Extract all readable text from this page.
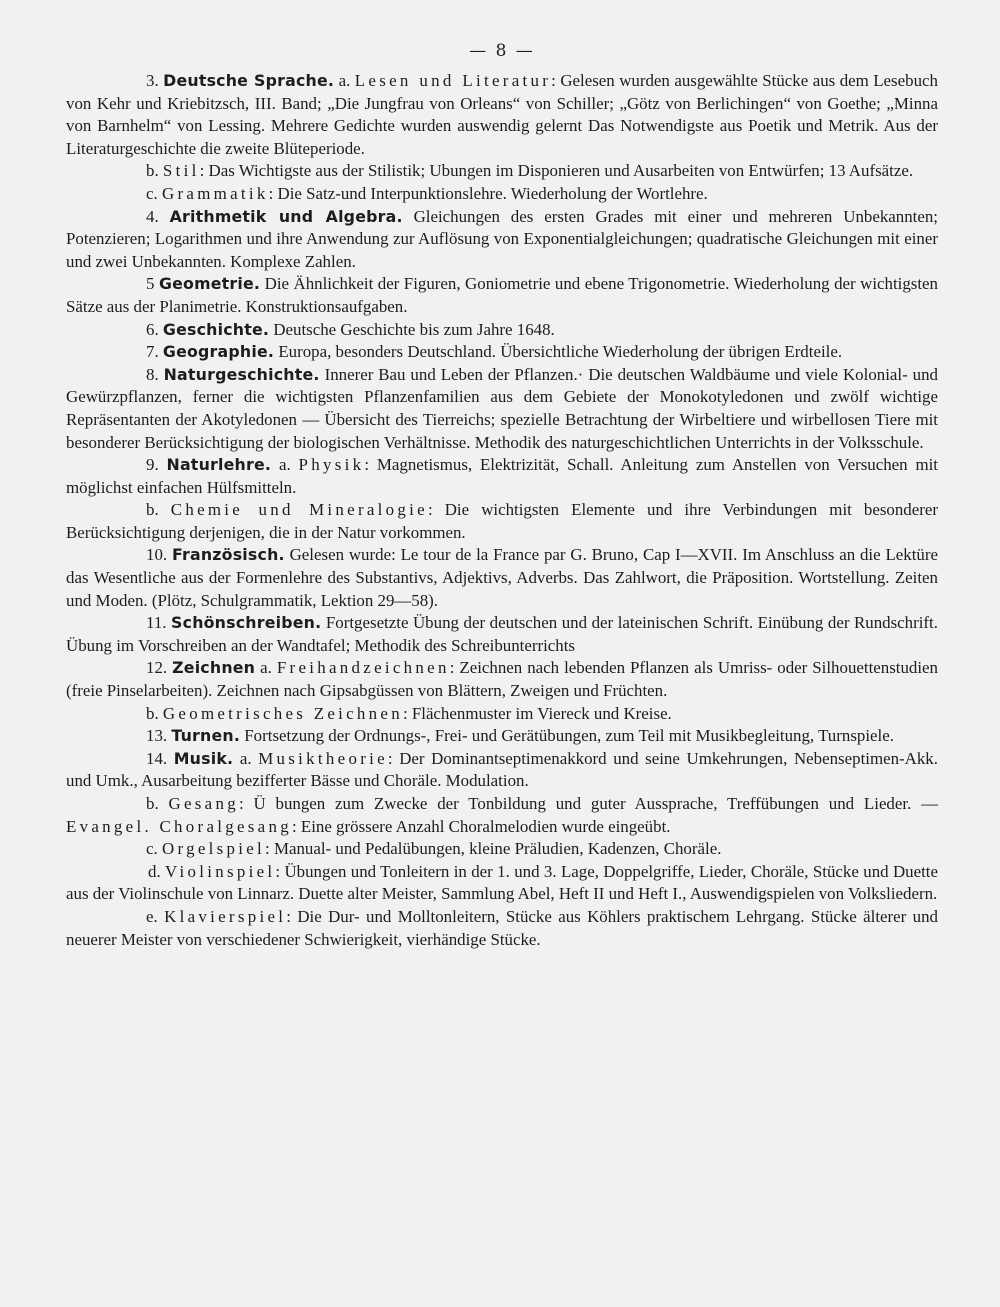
— 8 —

3. Deutsche Sprache. a. Lesen und Literatur: Gelesen wurden ausgewählte Stücke aus dem Lesebuch von Kehr und Kriebitzsch, III. Band; „Die Jungfrau von Orleans“ von Schiller; „Götz von Berlichingen“ von Goethe; „Minna von Barnhelm“ von Lessing. Mehrere Gedichte wurden auswendig gelernt Das Notwendigste aus Poetik und Metrik. Aus der Literaturgeschichte die zweite Blüteperiode.

b. Stil: Das Wichtigste aus der Stilistik; Ubungen im Disponieren und Ausarbeiten von Entwürfen; 13 Aufsätze.

c. Grammatik: Die Satz-und Interpunktionslehre. Wiederholung der Wortlehre.

4. Arithmetik und Algebra. Gleichungen des ersten Grades mit einer und mehreren Unbekannten; Potenzieren; Logarithmen und ihre Anwendung zur Auflösung von Exponentialgleichungen; quadratische Gleichungen mit einer und zwei Unbekannten. Komplexe Zahlen.

5 Geometrie. Die Ähnlichkeit der Figuren, Goniometrie und ebene Trigonometrie. Wiederholung der wichtigsten Sätze aus der Planimetrie. Konstruktionsaufgaben.

6. Geschichte. Deutsche Geschichte bis zum Jahre 1648.

7. Geographie. Europa, besonders Deutschland. Übersichtliche Wiederholung der übrigen Erdteile.

8. Naturgeschichte. Innerer Bau und Leben der Pflanzen.· Die deutschen Waldbäume und viele Kolonial- und Gewürzpflanzen, ferner die wichtigsten Pflanzenfamilien aus dem Gebiete der Monokotyledonen und zwölf wichtige Repräsentanten der Akotyledonen — Übersicht des Tierreichs; spezielle Betrachtung der Wirbeltiere und wirbellosen Tiere mit besonderer Berücksichtigung der biologischen Verhältnisse. Methodik des naturgeschichtlichen Unterrichts in der Volksschule.

9. Naturlehre. a. Physik: Magnetismus, Elektrizität, Schall. Anleitung zum Anstellen von Versuchen mit möglichst einfachen Hülfsmitteln.

b. Chemie und Mineralogie: Die wichtigsten Elemente und ihre Verbindungen mit besonderer Berücksichtigung derjenigen, die in der Natur vorkommen.

10. Französisch. Gelesen wurde: Le tour de la France par G. Bruno, Cap I—XVII. Im Anschluss an die Lektüre das Wesentliche aus der Formenlehre des Substantivs, Adjektivs, Adverbs. Das Zahlwort, die Präposition. Wortstellung. Zeiten und Moden. (Plötz, Schulgrammatik, Lektion 29—58).

11. Schönschreiben. Fortgesetzte Übung der deutschen und der lateinischen Schrift. Einübung der Rundschrift. Übung im Vorschreiben an der Wandtafel; Methodik des Schreibunterrichts

12. Zeichnen a. Freihandzeichnen: Zeichnen nach lebenden Pflanzen als Umriss- oder Silhouettenstudien (freie Pinselarbeiten). Zeichnen nach Gipsabgüssen von Blättern, Zweigen und Früchten.

b. Geometrisches Zeichnen: Flächenmuster im Viereck und Kreise.

13. Turnen. Fortsetzung der Ordnungs-, Frei- und Gerätübungen, zum Teil mit Musikbegleitung, Turnspiele.

14. Musik. a. Musiktheorie: Der Dominantseptimenakkord und seine Umkehrungen, Nebenseptimen-Akk. und Umk., Ausarbeitung bezifferter Bässe und Choräle. Modulation.

b. Gesang: Ü bungen zum Zwecke der Tonbildung und guter Aussprache, Treffübungen und Lieder. — Evangel. Choralgesang: Eine grössere Anzahl Choralmelodien wurde eingeübt.

c. Orgelspiel: Manual- und Pedalübungen, kleine Präludien, Kadenzen, Choräle.

d. Violinspiel: Übungen und Tonleitern in der 1. und 3. Lage, Doppelgriffe, Lieder, Choräle, Stücke und Duette aus der Violinschule von Linnarz. Duette alter Meister, Sammlung Abel, Heft II und Heft I., Auswendigspielen von Volksliedern.

e. Klavierspiel: Die Dur- und Molltonleitern, Stücke aus Köhlers praktischem Lehrgang. Stücke älterer und neuerer Meister von verschiedener Schwierigkeit, vierhändige Stücke.
